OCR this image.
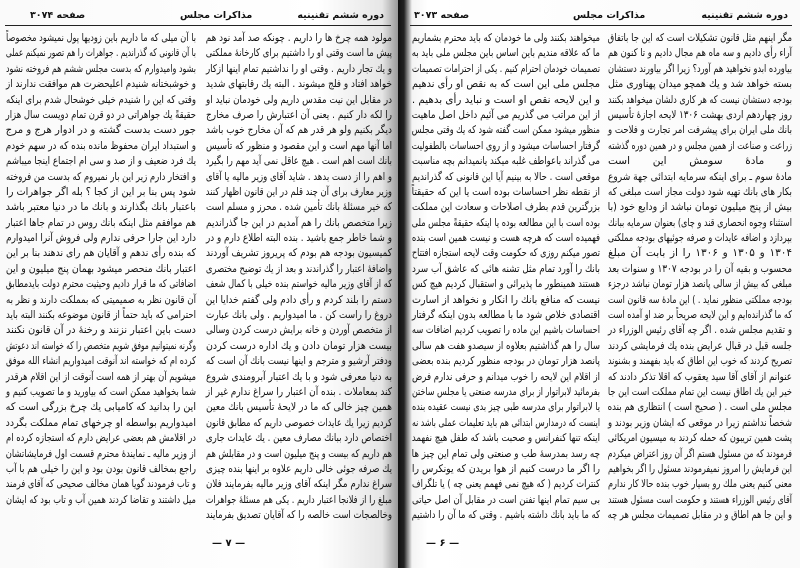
دوره ششم تقنینیه
مذاکرات مجلس
صفحه ۳۰۷۴
مولود همه چرخ ها را داریم . چونکه صد آمد نود هم
پیش ما است وقتی او را داشتیم برای کارخانهٔ مملکتی
و یك تجار داریم . وقتی او را نداشتیم تمام اینها ازکار
خواهد افتاد و فلج میشوند . البته یك رقابتهای شدید
در مقابل این نیت مقدس داریم ولی خودمان نباید او
را لکه دار کنیم . یعنی آن اعتبارش را صرف مخارج
دیگر بکنیم ولو هر قدر هم که آن مخارج خوب باشد
اما آنها مهم است و این مقصود و منظور که تأسیس
بانك است اهم است . هیچ عاقل نمی آید مهم را بگیرد
و اهم را از دست بدهد . شاید آقای وزیر مالیه یا آقای
وزیر معارف برای آن چند قلم در این قانون اظهار کنند
که خیر مسئلهٔ بانك تأمین شده . محرز و مسلم است
زیرا متخصص بانك را هم آمدیم در این جا گذراندیم
و شما خاطر جمع باشید . بنده البته اطلاع دارم و در
کمیسیون بودجه هم بودم که پریروز تشریف آوردند
واضافهٔ اعتبار را گذراندند و بعد از یك توضیح مختصری
که از آقای وزیر مالیه خواستم بنده خیلی با کمال شعف
دستم را بلند کردم و رأی دادم ولی گفتم خدایا این
دروغ را راست کن . ما امیدواریم . ولی بانك عبارت
از متخصص آوردن و خانه برایش درست کردن وسالی
بیست هزار تومان دادن و یك اداره درست کردن
ودفتر آرشیو و مترجم و اینها نیست بانك آن است که
به دنیا معرفی شود و با یك اعتبار آبرومندی شروع
کند بمعاملات . بنده آن اعتبار را سراغ ندارم غیر از
همین چیز خالی که ما در لایحهٔ تأسیس بانك معین
کردیم زیرا یك عایدات خصوصی داریم که مطابق قانون
اختصاص دارد ببانك مصارف معین . یك عایدات جاری
هم داریم که بیست و پنج میلیون است و در مقابلش هم
یك صرفه جوئی خالی داریم علاوه بر اینها بنده چیزی
سراغ ندارم مگر اینکه آقای وزیر مالیه بفرمایند فلان
مبلغ را از فلانجا اعتبار داریم . یکی هم مسئلهٔ جواهرات
وخالصجات است خالصه را که آقایان تصدیق بفرمایند
با آن میلی که ما داریم باین زودیها پول نمیشود مخصوصاً
با آن قانونی که گذراندیم . جواهرات را هم تصور نمیکنم عملی
بشود وامیدوارم که بدست مجلس ششم هم فروخته نشود
و خوشبختانه شنیدم اعلیحضرت هم موافقت ندارند از
وقتی که این را شنیدم خیلی خوشحال شدم برای اینکه
حقیقةً یك جواهراتی در دو قرن تمام دویست سال هزار
جور دست بدست گشته و در ادوار هرج و مرج
و استبداد ایران محفوظ مانده بنده که در سهم خودم
یك فرد ضعیف و از صد و سی ام اجتماع اینجا میباشم
و افتخار دارم زیر این بار نمیروم که بدست من فروخته
شود پس بنا بر این از کجا ؟ بله اگر جواهرات را
باعتبار بانك بگذارند و بانك ما در دنیا معتبر باشد
هم موافقم مثل اینکه بانك روس در تمام جاها اعتبار
دارد این جارا حرفی ندارم ولی فروش آنرا امیدوارم
که بنده رأی ندهم و آقایان هم رای ندهند بنا بر این
اعتبار بانك منحصر میشود بهمان پنج میلیون و این
اضافاتی که ما قرار دادیم وحیثیت محترم دولت بایدمطابق
آن قانون نظر به صمیمیتی که بمملکت دارند و نظر به
احترامی که باید حتماً از قانون موضوعه بکنند البته باید
دست باین اعتبار نزنند و رخنهٔ در آن قانون نکنند
وگرنه نمیتوانیم موفق شویم متخصص را که خواسته اند دعوتش
کرده ام که خواسته اند آنوقت امیدواریم انشاء الله موفق
میشویم آن بهتر از همه است آنوقت از این اقلام هرقدر
شما بخواهید ممکن است که بیاورید و ما تصویب کنیم و
این را بدانید که کامیابی یك چرخ بزرگی است که
امیدواریم بواسطه او چرخهای تمام مملکت بگردد
در اقلامش هم بعضی عرایض دارم که استجازه کرده ام
از وزیر مالیه ـ نمایندهٔ محترم قسمت اول فرمایشاتشان
راجع بمخالف قانون بودن بود و این را خیلی هم با آب
و تاب فرمودند گویا همان مخالف صحیحی که آقای فرمند
میل داشتند و تقاضا کردند همین آب و تاب بود که ایشان
— ۷ —
دوره ششم تقنینیه
مذاکرات مجلس
صفحه ۳۰۷۳
مگر اینهم مثل قانون تشکیلات است که این جا باتفاق
آراء رأی دادیم و سه ماه هم مجال دادیم و تا کنون هم
بیاورده ابدو نخواهید هم آورد؟ زیرا اگر بیاورند دستشان
بسته خواهد شد و یك همچو میدان پهناوری مثل
بودجه دستشان نیست که هر کاری دلشان میخواهد بکنند
روز چهاردهم اردی بهشت ۱۳۰۶ لایحه اجازهٔ تأسیس
بانك ملی ایران برای پیشرفت امر تجارت و فلاحت و
زراعت و صناعت از همین مجلس و در همین دوره گذشته
و مادهٔ سومش این است
مادهٔ سوم ـ برای اینکه سرمایه ابتدائی جهة شروع
بکار های بانك تهیه شود دولت مجاز است مبلغی که
بیش از پنج میلیون تومان نباشد از ودایع خود (با
استثناء وجوه انحصاری قند و چای) بعنوان سرمایه ببانك
بپردازد و اضافه عایدات و صرفه جوئیهای بودجه مملکتی
۱۳۰۴ و ۱۳۰۵ و ۱۳۰۶ را از بابت آن مبلغ
محسوب و بقیه آن را در بودجه ۱۳۰۷ و سنوات بعد
مبلغی که بیش از سالی پانصد هزار تومان نباشد درجزء
بودجه مملکتی منظور نماید . ) این مادهٔ سه قانون است
که ما گذرانده‌ایم و این لایحه صریحاً بر ضد او آمده است
و تقدیم مجلس شده . اگر چه آقای رئیس الوزراء در
جلسه قبل در قبال عرایض بنده یك فرمایشی کردند
تصریح کردند که خوب این اطاق که باید بفهمند و بشنوند
عنوانم از آقای آقا سید یعقوب که اقلا تذکر دادند که
خیر این یك اطاق نیست این تمام مملکت است این جا
مجلس ملی است . ( صحیح است ) انتظاری هم بنده
شخصاً نداشتم زیرا در موقعی که ایشان وزیر بودند و
پشت همین تریبون که حمله کردند به میسیون امریکائی
فرمودند که من مسئول هستم اگر آن روز اعتراض میکردم
این فرمایش را امروز نمیفرمودند مسئول را اگر بخواهیم
معنی کنیم یعنی ملك رو بسیار خوب بنده حالا کار ندارم
آقای رئیس الوزراء هستند و حکومت است مسئول هستند
و این جا هم اطاق و در مقابل تصمیمات مجلس هر چه
میخواهند بکنند ولی ما خودمان که باید محترم بشماریم
ما که علاقه مندیم باین اساس باین مجلس ملی باید به
تصمیمات خودمان احترام کنیم . یکی از احترامات تصمیمات
مجلس ملی این است که به نقص او رأی ندهیم
و این لایحه نقص او است و نباید رأی بدهیم .
از این مراتب می گذریم می آئیم داخل اصل ماهیت
منظور میشود ممکن است گفته شود که یك وقتی مجلس
گرفتار احساسات میشود و از روی احساسات بالطفولیت
می گذراند باعواطف غلبه میکند یانمیدانم بچه مناسبت
موقعی است . حالا به بینیم آیا این قانونی که گذراندیم
از نقطه نظر احساسات بوده است یا این که حقیقتاً
بزرگترین قدم بطرف اصلاحات و سعادت این مملکت
بوده است با این مطالعه بوده یا اینکه حقیقةً مجلس ملی
فهمیده است که هرچه هست و نیست همین است بنده
تصور میکنم روزی که حکومت وقت لایحه استجازه افتتاح
بانك را آورد تمام مثل تشنه هائی که عاشق آب سرد
هستند همینطور ما پذیرائی و استقبال کردیم هیچ کس
نیست که منافع بانك را انکار و نخواهد از اسارت
اقتصادی خلاص شود ما با مطالعه بدون اینکه گرفتار
احساسات باشیم این ماده را تصویب کردیم اضافات سه
سال را هم گذاشتیم بعلاوه از سیصدو هفت هم سالی
پانصد هزار تومان در بودجه منظور کردیم بنده بعضی
از اقلام این لایحه را خوب میدانم و حرفی ندارم فرض
بفرمائید لابراتوار از برای مدرسه صنعتی یا مجلس ساختن
یا لابراتوار برای مدرسه طبی چیز بدی نیست عقیده بنده
اینست که درمدارس ابتدائی هم باید تعلیمات عملی باشد نه
اینکه تنها کنفرانس و صحبت باشد که طفل هیچ نفهمد
چه رسد بمدرسهٔ طب و صنعتی ولی تمام این چیز ها
را اگر ما درست کنیم از هوا بریدن که یونکرس را
کنترات کردیم ( که هیچ نمی فهمم یعنی چه ) یا تلگراف
بی سیم تمام اینها تفنن است در مقابل آن اصل حیاتی
که ما باید بانك داشته باشیم . وقتی که ما آن را داشتیم
— ۶ —
